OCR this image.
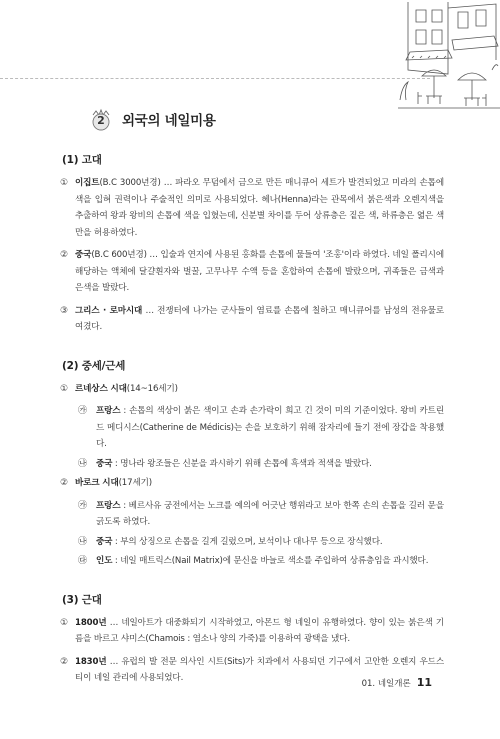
2 외국의 네일미용
(1) 고대
① 이집트(B.C 3000년경) … 파라오 무덤에서 금으로 만든 매니큐어 세트가 발견되었고 미라의 손톱에 색을 입혀 권력이나 주술적인 의미로 사용되었다. 헤나(Henna)라는 관목에서 붉은색과 오렌지색을 추출하여 왕과 왕비의 손톱에 색을 입혔는데, 신분별 차이를 두어 상류층은 짙은 색, 하류층은 엷은 색만을 허용하였다.
② 중국(B.C 600년경) … 입술과 연지에 사용된 홍화를 손톱에 물들여 '조홍'이라 하였다. 네일 폴리시에 해당하는 액체에 달걀흰자와 벌꿀, 고무나무 수액 등을 혼합하여 손톱에 발랐으며, 귀족들은 금색과 은색을 발랐다.
③ 그리스 · 로마시대 … 전쟁터에 나가는 군사들이 염료를 손톱에 칠하고 매니큐어를 남성의 전유물로 여겼다.
(2) 중세/근세
① 르네상스 시대(14~16세기)
㉮ 프랑스 : 손톱의 색상이 붉은 색이고 손과 손가락이 희고 긴 것이 미의 기준이었다. 왕비 카트린 드 메디시스(Catherine de Médicis)는 손을 보호하기 위해 잠자리에 들기 전에 장갑을 착용했다.
㉯ 중국 : 명나라 왕조들은 신분을 과시하기 위해 손톱에 흑색과 적색을 발랐다.
② 바로크 시대(17세기)
㉮ 프랑스 : 베르사유 궁전에서는 노크를 예의에 어긋난 행위라고 보아 한쪽 손의 손톱을 길러 문을 긁도록 하였다.
㉯ 중국 : 부의 상징으로 손톱을 길게 길렀으며, 보석이나 대나무 등으로 장식했다.
㉰ 인도 : 네일 매트릭스(Nail Matrix)에 문신을 바늘로 색소를 주입하여 상류층임을 과시했다.
(3) 근대
① 1800년 … 네일아트가 대중화되기 시작하였고, 아몬드 형 네일이 유행하였다. 향이 있는 붉은색 기름을 바르고 샤미스(Chamois : 염소나 양의 가죽)를 이용하여 광택을 냈다.
② 1830년 … 유럽의 발 전문 의사인 시트(Sits)가 치과에서 사용되던 기구에서 고안한 오렌지 우드스티이 네일 관리에 사용되었다.
01. 네일개론 11
